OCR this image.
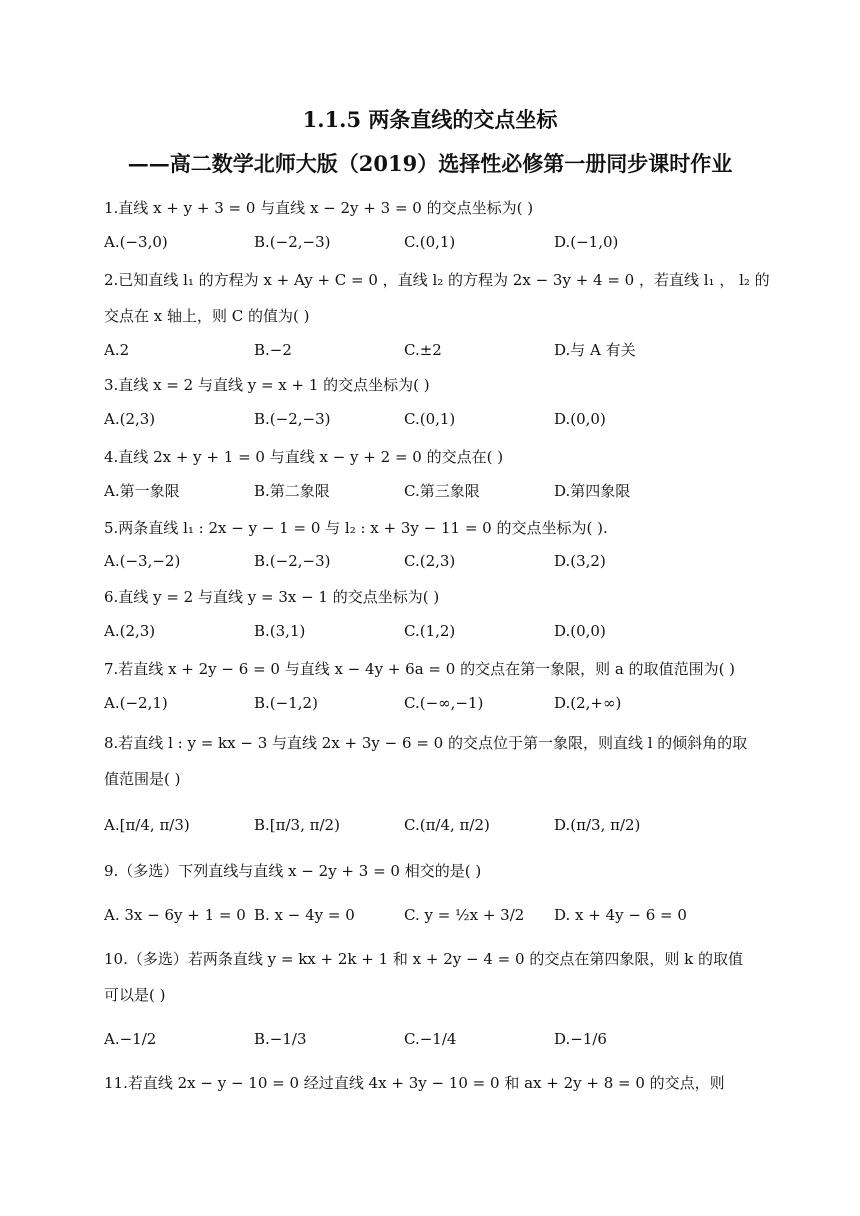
1.1.5 两条直线的交点坐标
——高二数学北师大版（2019）选择性必修第一册同步课时作业
1.直线 x + y + 3 = 0 与直线 x − 2y + 3 = 0 的交点坐标为( )
A.(−3,0)	B.(−2,−3)	C.(0,1)	D.(−1,0)
2.已知直线 l₁ 的方程为 x + Ay + C = 0 ，直线 l₂ 的方程为 2x − 3y + 4 = 0 ，若直线 l₁ ， l₂ 的
交点在 x 轴上，则 C 的值为( )
A.2	B.−2	C.±2	D.与 A 有关
3.直线 x = 2 与直线 y = x + 1 的交点坐标为( )
A.(2,3)	B.(−2,−3)	C.(0,1)	D.(0,0)
4.直线 2x + y + 1 = 0 与直线 x − y + 2 = 0 的交点在( )
A.第一象限	B.第二象限	C.第三象限	D.第四象限
5.两条直线 l₁ : 2x − y − 1 = 0 与 l₂ : x + 3y − 11 = 0 的交点坐标为( ).
A.(−3,−2)	B.(−2,−3)	C.(2,3)	D.(3,2)
6.直线 y = 2 与直线 y = 3x − 1 的交点坐标为( )
A.(2,3)	B.(3,1)	C.(1,2)	D.(0,0)
7.若直线 x + 2y − 6 = 0 与直线 x − 4y + 6a = 0 的交点在第一象限，则 a 的取值范围为( )
A.(−2,1)	B.(−1,2)	C.(−∞,−1)	D.(2,+∞)
8.若直线 l : y = kx − 3 与直线 2x + 3y − 6 = 0 的交点位于第一象限，则直线 l 的倾斜角的取
值范围是( )
A.[π/4, π/3)	B.[π/3, π/2)	C.(π/4, π/2)	D.(π/3, π/2)
9.（多选）下列直线与直线 x − 2y + 3 = 0 相交的是( )
A. 3x − 6y + 1 = 0 B. x − 4y = 0	C. y = ½x + 3/2 D. x + 4y − 6 = 0
10.（多选）若两条直线 y = kx + 2k + 1 和 x + 2y − 4 = 0 的交点在第四象限，则 k 的取值
可以是( )
A.−1/2	B.−1/3	C.−1/4	D.−1/6
11.若直线 2x − y − 10 = 0 经过直线 4x + 3y − 10 = 0 和 ax + 2y + 8 = 0 的交点，则
